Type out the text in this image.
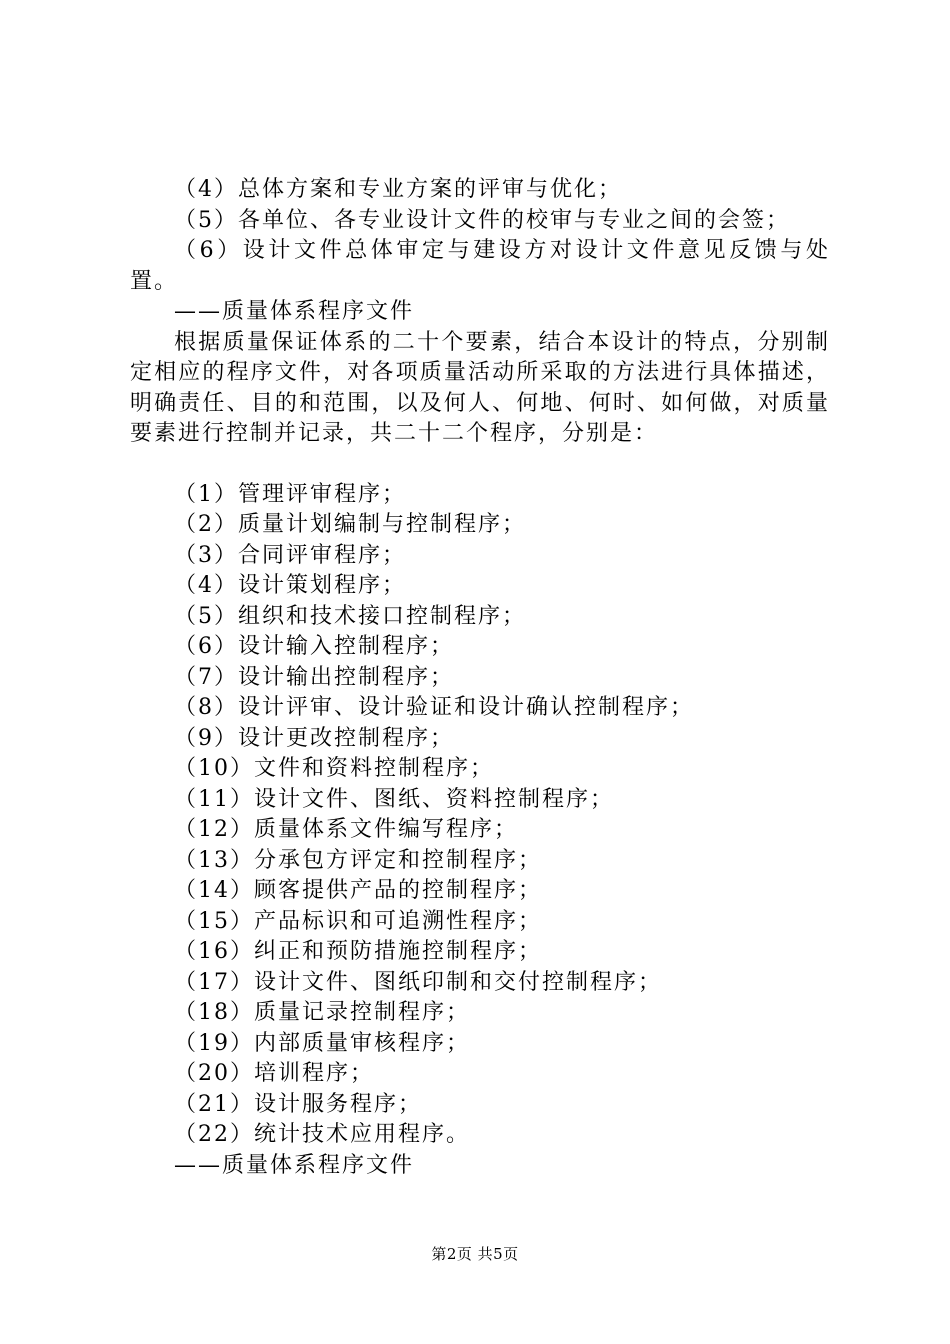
（4）总体方案和专业方案的评审与优化；
（5）各单位、各专业设计文件的校审与专业之间的会签；
（6）设计文件总体审定与建设方对设计文件意见反馈与处置。
——质量体系程序文件
根据质量保证体系的二十个要素，结合本设计的特点，分别制定相应的程序文件，对各项质量活动所采取的方法进行具体描述，明确责任、目的和范围，以及何人、何地、何时、如何做，对质量要素进行控制并记录，共二十二个程序，分别是：
（1）管理评审程序；
（2）质量计划编制与控制程序；
（3）合同评审程序；
（4）设计策划程序；
（5）组织和技术接口控制程序；
（6）设计输入控制程序；
（7）设计输出控制程序；
（8）设计评审、设计验证和设计确认控制程序；
（9）设计更改控制程序；
（10）文件和资料控制程序；
（11）设计文件、图纸、资料控制程序；
（12）质量体系文件编写程序；
（13）分承包方评定和控制程序；
（14）顾客提供产品的控制程序；
（15）产品标识和可追溯性程序；
（16）纠正和预防措施控制程序；
（17）设计文件、图纸印制和交付控制程序；
（18）质量记录控制程序；
（19）内部质量审核程序；
（20）培训程序；
（21）设计服务程序；
（22）统计技术应用程序。
——质量体系程序文件
第2页 共5页
